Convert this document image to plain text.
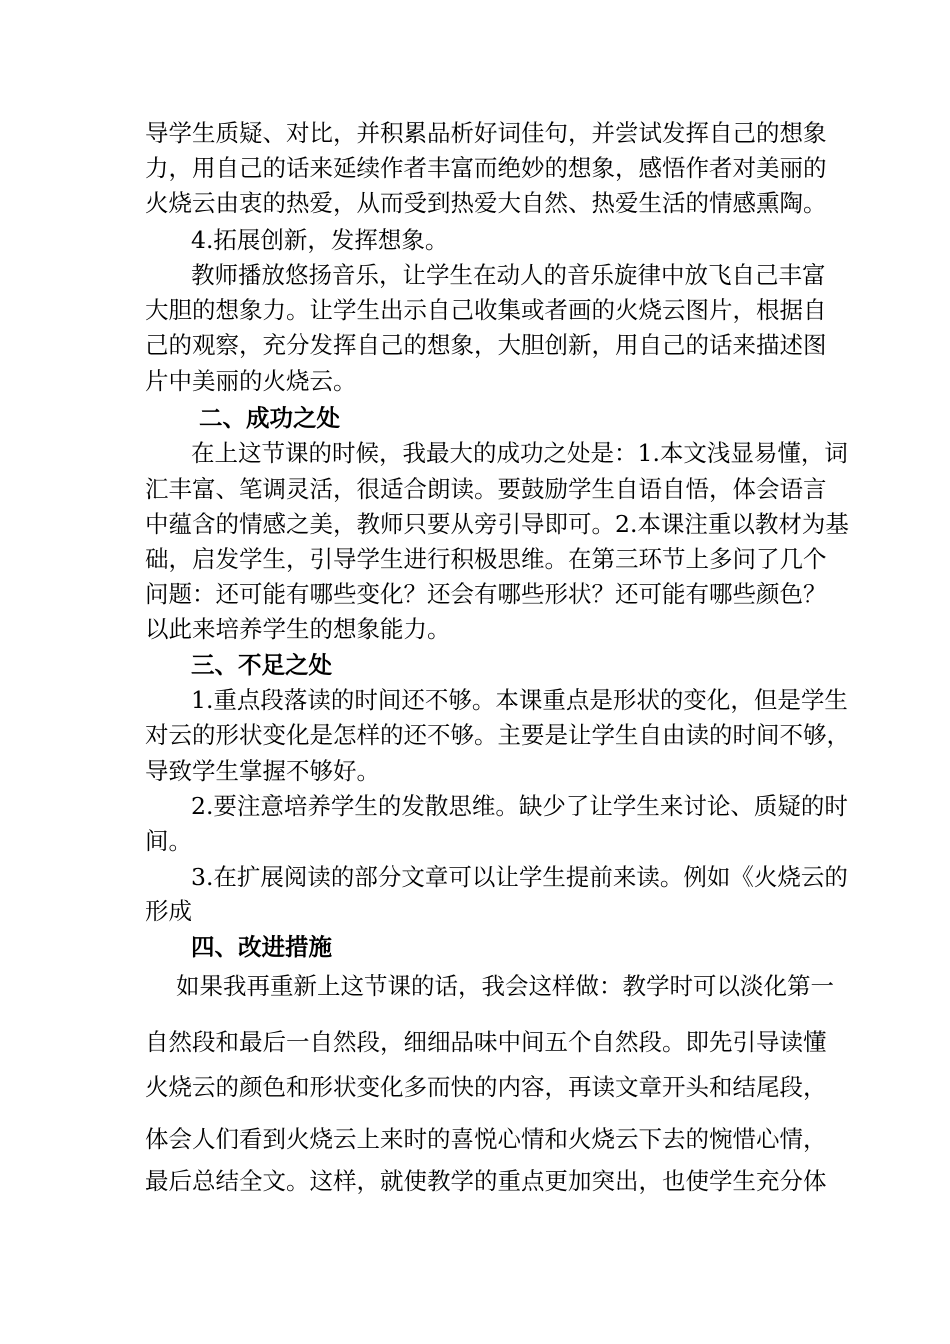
导学生质疑、对比，并积累品析好词佳句，并尝试发挥自己的想象
力，用自己的话来延续作者丰富而绝妙的想象，感悟作者对美丽的
火烧云由衷的热爱，从而受到热爱大自然、热爱生活的情感熏陶。
4.拓展创新，发挥想象。
教师播放悠扬音乐，让学生在动人的音乐旋律中放飞自己丰富
大胆的想象力。让学生出示自己收集或者画的火烧云图片，根据自
己的观察，充分发挥自己的想象，大胆创新，用自己的话来描述图
片中美丽的火烧云。
二、成功之处
在上这节课的时候，我最大的成功之处是：1.本文浅显易懂，词
汇丰富、笔调灵活，很适合朗读。要鼓励学生自语自悟，体会语言
中蕴含的情感之美，教师只要从旁引导即可。2.本课注重以教材为基
础，启发学生，引导学生进行积极思维。在第三环节上多问了几个
问题：还可能有哪些变化？还会有哪些形状？还可能有哪些颜色？
以此来培养学生的想象能力。
三、不足之处
1.重点段落读的时间还不够。本课重点是形状的变化，但是学生
对云的形状变化是怎样的还不够。主要是让学生自由读的时间不够，
导致学生掌握不够好。
2.要注意培养学生的发散思维。缺少了让学生来讨论、质疑的时
间。
3.在扩展阅读的部分文章可以让学生提前来读。例如《火烧云的
形成
四、改进措施
如果我再重新上这节课的话，我会这样做：教学时可以淡化第一
自然段和最后一自然段，细细品味中间五个自然段。即先引导读懂
火烧云的颜色和形状变化多而快的内容，再读文章开头和结尾段，
体会人们看到火烧云上来时的喜悦心情和火烧云下去的惋惜心情，
最后总结全文。这样，就使教学的重点更加突出，也使学生充分体
